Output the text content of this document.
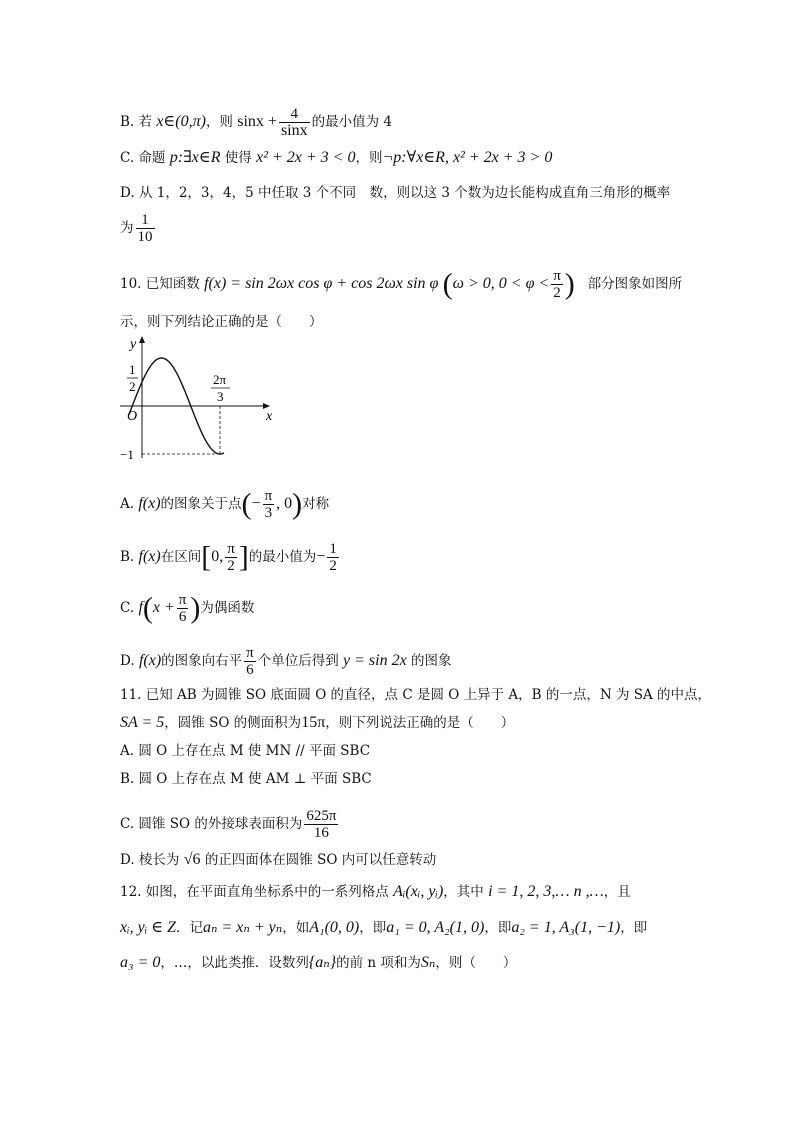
B. 若 x∈(0,π)，则 $\sin x + \frac{4}{\sin x}$ 的最小值为 4
C. 命题 p:∃x∈R 使得 x² + 2x + 3 < 0，则¬p:∀x∈R, x² + 2x + 3 > 0
D. 从 1，2，3，4，5 中任取 3 个不同　数，则以这 3 个数为边长能构成直角三角形的概率
为 $\frac{1}{10}$
10. 已知函数 f(x) = sin 2ωx cos φ + cos 2ωx sin φ (ω > 0, $0 < \varphi < \frac{\pi}{2}$ ) 部分图象如图所
示，则下列结论正确的是（　　）
y
x
O
1
2
−1
2π
3
A. f(x)的图象关于点(− $\frac{\pi}{3}$ , 0)对称
B. f(x)在区间[0, $\frac{\pi}{2}$ ]的最小值为− $\frac{1}{2}$
C. $f(x + \frac{\pi}{6}$ )为偶函数
D. f(x)的图象向右平 $\frac{\pi}{6}$ 个单位后得到 y = sin 2x 的图象
11. 已知 AB 为圆锥 SO 底面圆 O 的直径，点 C 是圆 O 上异于 A，B 的一点，N 为 SA 的中点，
SA = 5，圆锥 SO 的侧面积为15π，则下列说法正确的是（　　）
A. 圆 O 上存在点 M 使 MN // 平面 SBC
B. 圆 O 上存在点 M 使 AM ⊥ 平面 SBC
C. 圆锥 SO 的外接球表面积为 $\frac{625\pi}{16}$
D. 棱长为 √6 的正四面体在圆锥 SO 内可以任意转动
12. 如图，在平面直角坐标系中的一系列格点 Aᵢ(xᵢ, yᵢ)，其中 i = 1, 2, 3,… n ,…，且
xᵢ, yᵢ ∈ Z．记aₙ = xₙ + yₙ，如A₁(0, 0)，即a₁ = 0, A₂(1, 0)，即a₂ = 1, A₃(1, −1)，即
a₃ = 0，…，以此类推．设数列{aₙ}的前 n 项和为Sₙ，则（　　）
